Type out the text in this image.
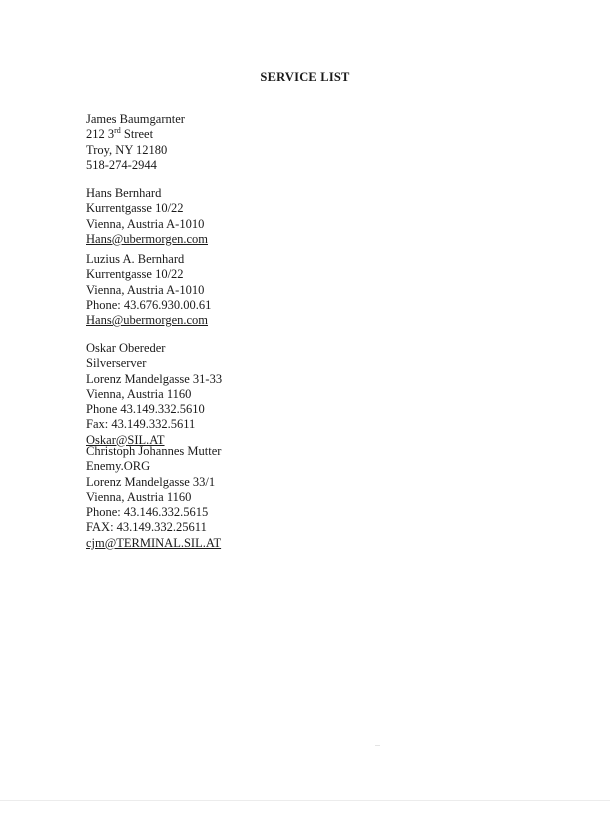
SERVICE LIST
James Baumgarnter
212 3rd Street
Troy, NY 12180
518-274-2944
Hans Bernhard
Kurrentgasse 10/22
Vienna, Austria A-1010
Hans@ubermorgen.com
Luzius A. Bernhard
Kurrentgasse 10/22
Vienna, Austria A-1010
Phone: 43.676.930.00.61
Hans@ubermorgen.com
Oskar Obereder
Silverserver
Lorenz Mandelgasse 31-33
Vienna, Austria 1160
Phone 43.149.332.5610
Fax: 43.149.332.5611
Oskar@SIL.AT
Christoph Johannes Mutter
Enemy.ORG
Lorenz Mandelgasse 33/1
Vienna, Austria 1160
Phone: 43.146.332.5615
FAX: 43.149.332.25611
cjm@TERMINAL.SIL.AT
